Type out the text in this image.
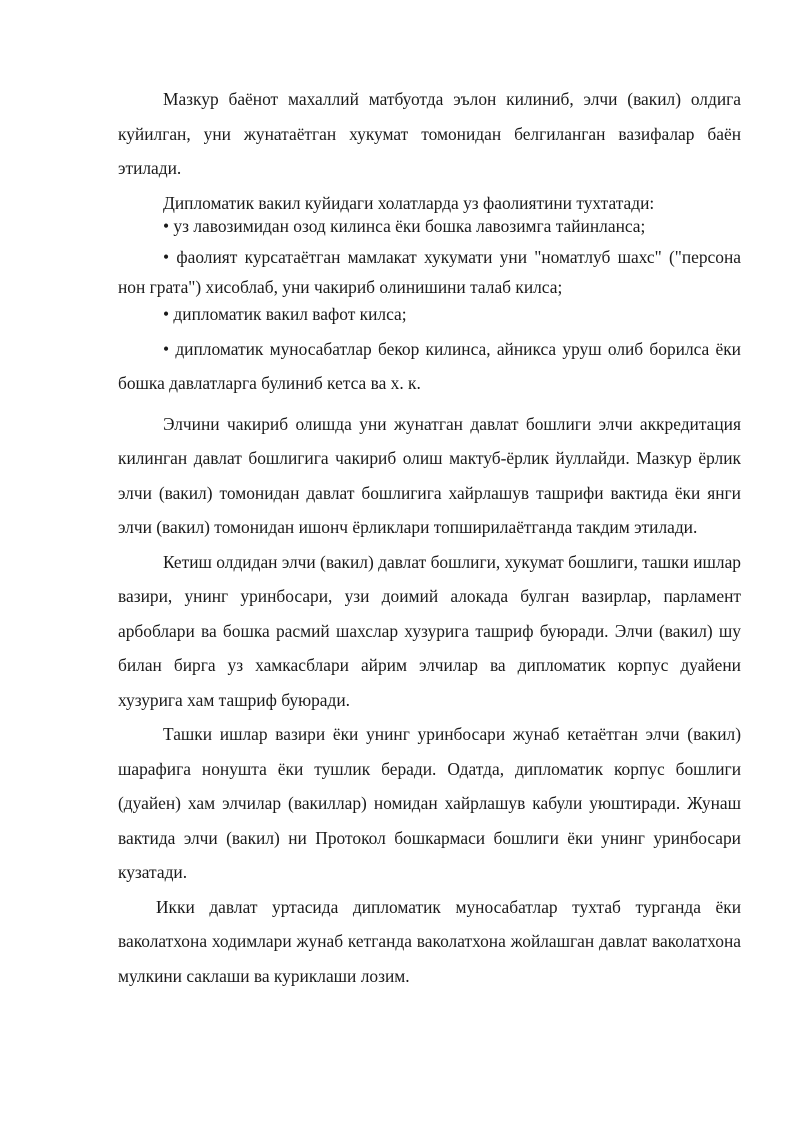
Мазкур баёнот махаллий матбуотда эълон килиниб, элчи (вакил) олдига куйилган, уни жунатаётган хукумат томонидан белгиланган вазифалар баён этилади.

Дипломатик вакил куйидаги холатларда уз фаолиятини тухтатади:

• уз лавозимидан озод килинса ёки бошка лавозимга тайинланса;

• фаолият курсатаётган мамлакат хукумати уни "номатлуб шахс" ("персона нон грата") хисоблаб, уни чакириб олинишини талаб килса;

• дипломатик вакил вафот килса;

• дипломатик муносабатлар бекор килинса, айникса уруш олиб борилса ёки бошка давлатларга булиниб кетса ва х. к.

Элчини чакириб олишда уни жунатган давлат бошлиги элчи аккредитация килинган давлат бошлигига чакириб олиш мактуб-ёрлик йуллайди. Мазкур ёрлик элчи (вакил) томонидан давлат бошлигига хайрлашув ташрифи вактида ёки янги элчи (вакил) томонидан ишонч ёрликлари топширилаётганда такдим этилади.

Кетиш олдидан элчи (вакил) давлат бошлиги, хукумат бошлиги, ташки ишлар вазири, унинг уринбосари, узи доимий алокада булган вазирлар, парламент арбоблари ва бошка расмий шахслар хузурига ташриф буюради. Элчи (вакил) шу билан бирга уз хамкасблари айрим элчилар ва дипломатик корпус дуайени хузурига хам ташриф буюради.

Ташки ишлар вазири ёки унинг уринбосари жунаб кетаётган элчи (вакил) шарафига нонушта ёки тушлик беради. Одатда, дипломатик корпус бошлиги (дуайен) хам элчилар (вакиллар) номидан хайрлашув кабули уюштиради. Жунаш вактида элчи (вакил) ни Протокол бошкармаси бошлиги ёки унинг уринбосари кузатади.

Икки давлат уртасида дипломатик муносабатлар тухтаб турганда ёки ваколатхона ходимлари жунаб кетганда ваколатхона жойлашган давлат ваколатхона мулкини саклаши ва куриклаши лозим.
